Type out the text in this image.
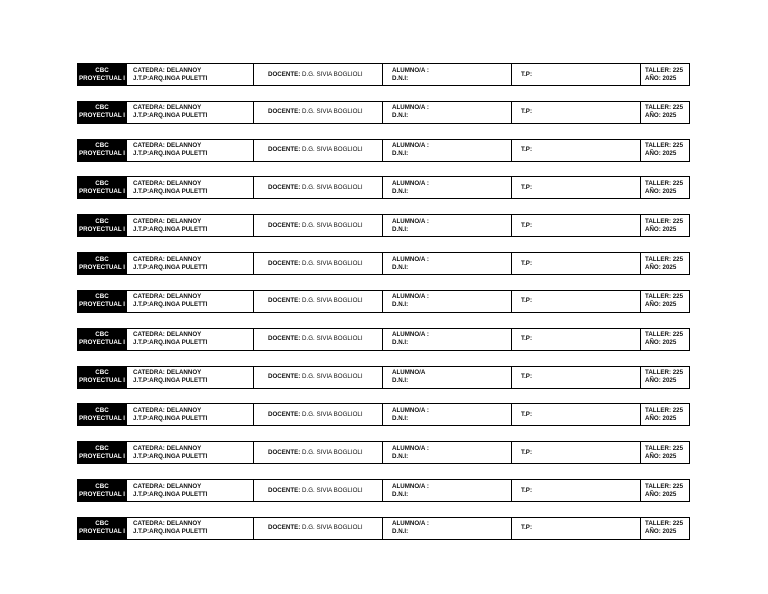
CBC
PROYECTUAL I
CATEDRA: DELANNOY
J.T.P:ARQ.INGA PULETTI
DOCENTE:
D.G. SIVIA BOGLIOLI
ALUMNO/A :
D.N.I:
T.P:
TALLER: 225
AÑO: 2025
CBC
PROYECTUAL I
CATEDRA: DELANNOY
J.T.P:ARQ.INGA PULETTI
DOCENTE:
D.G. SIVIA BOGLIOLI
ALUMNO/A :
D.N.I:
T.P:
TALLER: 225
AÑO: 2025
CBC
PROYECTUAL I
CATEDRA: DELANNOY
J.T.P:ARQ.INGA PULETTI
DOCENTE:
D.G. SIVIA BOGLIOLI
ALUMNO/A :
D.N.I:
T.P:
TALLER: 225
AÑO: 2025
CBC
PROYECTUAL I
CATEDRA: DELANNOY
J.T.P:ARQ.INGA PULETTI
DOCENTE:
D.G. SIVIA BOGLIOLI
ALUMNO/A :
D.N.I:
T.P:
TALLER: 225
AÑO: 2025
CBC
PROYECTUAL I
CATEDRA: DELANNOY
J.T.P:ARQ.INGA PULETTI
DOCENTE:
D.G. SIVIA BOGLIOLI
ALUMNO/A :
D.N.I:
T.P:
TALLER: 225
AÑO: 2025
CBC
PROYECTUAL I
CATEDRA: DELANNOY
J.T.P:ARQ.INGA PULETTI
DOCENTE:
D.G. SIVIA BOGLIOLI
ALUMNO/A :
D.N.I:
T.P:
TALLER: 225
AÑO: 2025
CBC
PROYECTUAL I
CATEDRA: DELANNOY
J.T.P:ARQ.INGA PULETTI
DOCENTE:
D.G. SIVIA BOGLIOLI
ALUMNO/A :
D.N.I:
T.P:
TALLER: 225
AÑO: 2025
CBC
PROYECTUAL I
CATEDRA: DELANNOY
J.T.P:ARQ.INGA PULETTI
DOCENTE:
D.G. SIVIA BOGLIOLI
ALUMNO/A :
D.N.I:
T.P:
TALLER: 225
AÑO: 2025
CBC
PROYECTUAL I
CATEDRA: DELANNOY
J.T.P:ARQ.INGA PULETTI
DOCENTE:
D.G. SIVIA BOGLIOLI
ALUMNO/A
D.N.I:
T.P:
TALLER: 225
AÑO: 2025
CBC
PROYECTUAL I
CATEDRA: DELANNOY
J.T.P:ARQ.INGA PULETTI
DOCENTE:
D.G. SIVIA BOGLIOLI
ALUMNO/A :
D.N.I:
T.P:
TALLER: 225
AÑO: 2025
CBC
PROYECTUAL I
CATEDRA: DELANNOY
J.T.P:ARQ.INGA PULETTI
DOCENTE:
D.G. SIVIA BOGLIOLI
ALUMNO/A :
D.N.I:
T.P:
TALLER: 225
AÑO: 2025
CBC
PROYECTUAL I
CATEDRA: DELANNOY
J.T.P:ARQ.INGA PULETTI
DOCENTE:
D.G. SIVIA BOGLIOLI
ALUMNO/A :
D.N.I:
T.P:
TALLER: 225
AÑO: 2025
CBC
PROYECTUAL I
CATEDRA: DELANNOY
J.T.P:ARQ.INGA PULETTI
DOCENTE:
D.G. SIVIA BOGLIOLI
ALUMNO/A :
D.N.I:
T.P:
TALLER: 225
AÑO: 2025
